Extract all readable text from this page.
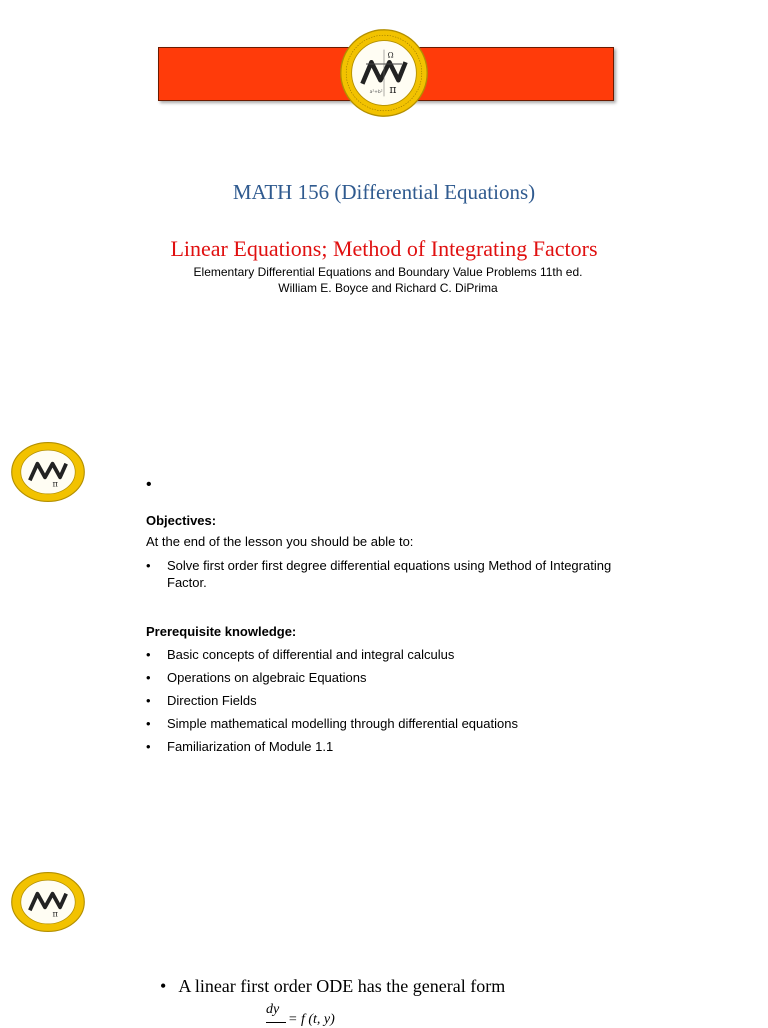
Ω
π
a²+b²
MATH 156 (Differential Equations)
Linear Equations; Method of Integrating Factors
Elementary Differential Equations and Boundary Value Problems 11th ed.
William E. Boyce and Richard C. DiPrima
π	•
Objectives:
At the end of the lesson you should be able to:
• Solve first order first degree differential equations using Method of Integrating Factor.
Prerequisite knowledge:
• Basic concepts of differential and integral calculus
• Operations on algebraic Equations
• Direction Fields
• Simple mathematical modelling through differential equations
• Familiarization of Module 1.1
π
• A linear first order ODE has the general form
dy
= f (t, y)
